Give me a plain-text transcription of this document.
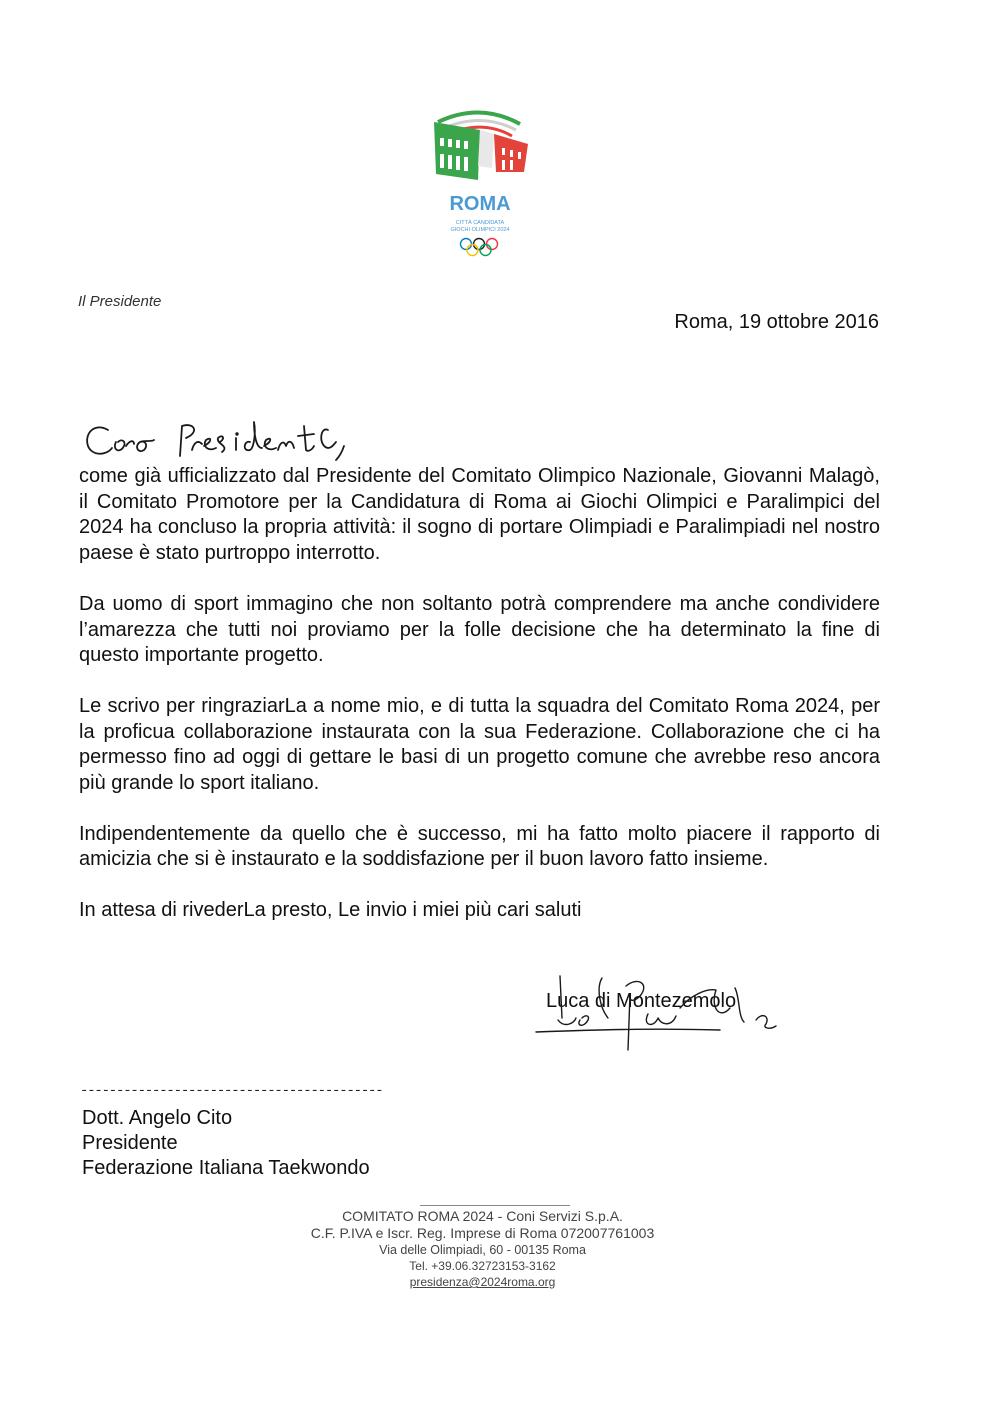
ROMA
CITTÀ CANDIDATA
GIOCHI OLIMPICI 2024
Il Presidente
Roma, 19 ottobre 2016

come già ufficializzato dal Presidente del Comitato Olimpico Nazionale, Giovanni Malagò, il Comitato Promotore per la Candidatura di Roma ai Giochi Olimpici e Paralimpici del 2024 ha concluso la propria attività: il sogno di portare Olimpiadi e Paralimpiadi nel nostro paese è stato purtroppo interrotto.

Da uomo di sport immagino che non soltanto potrà comprendere ma anche condividere l’amarezza che tutti noi proviamo per la folle decisione che ha determinato la fine di questo importante progetto.

Le scrivo per ringraziarLa a nome mio, e di tutta la squadra del Comitato Roma 2024, per la proficua collaborazione instaurata con la sua Federazione. Collaborazione che ci ha permesso fino ad oggi di gettare le basi di un progetto comune che avrebbe reso ancora più grande lo sport italiano.

Indipendentemente da quello che è successo, mi ha fatto molto piacere il rapporto di amicizia che si è instaurato e la soddisfazione per il buon lavoro fatto insieme.

In attesa di rivederLa presto, Le invio i miei più cari saluti

Luca di Montezemolo
------------------------------------------
Dott. Angelo Cito
Presidente
Federazione Italiana Taekwondo
COMITATO ROMA 2024 - Coni Servizi S.p.A.
C.F. P.IVA e Iscr. Reg. Imprese di Roma 072007761003
Via delle Olimpiadi, 60 - 00135 Roma
Tel. +39.06.32723153-3162
presidenza@2024roma.org
